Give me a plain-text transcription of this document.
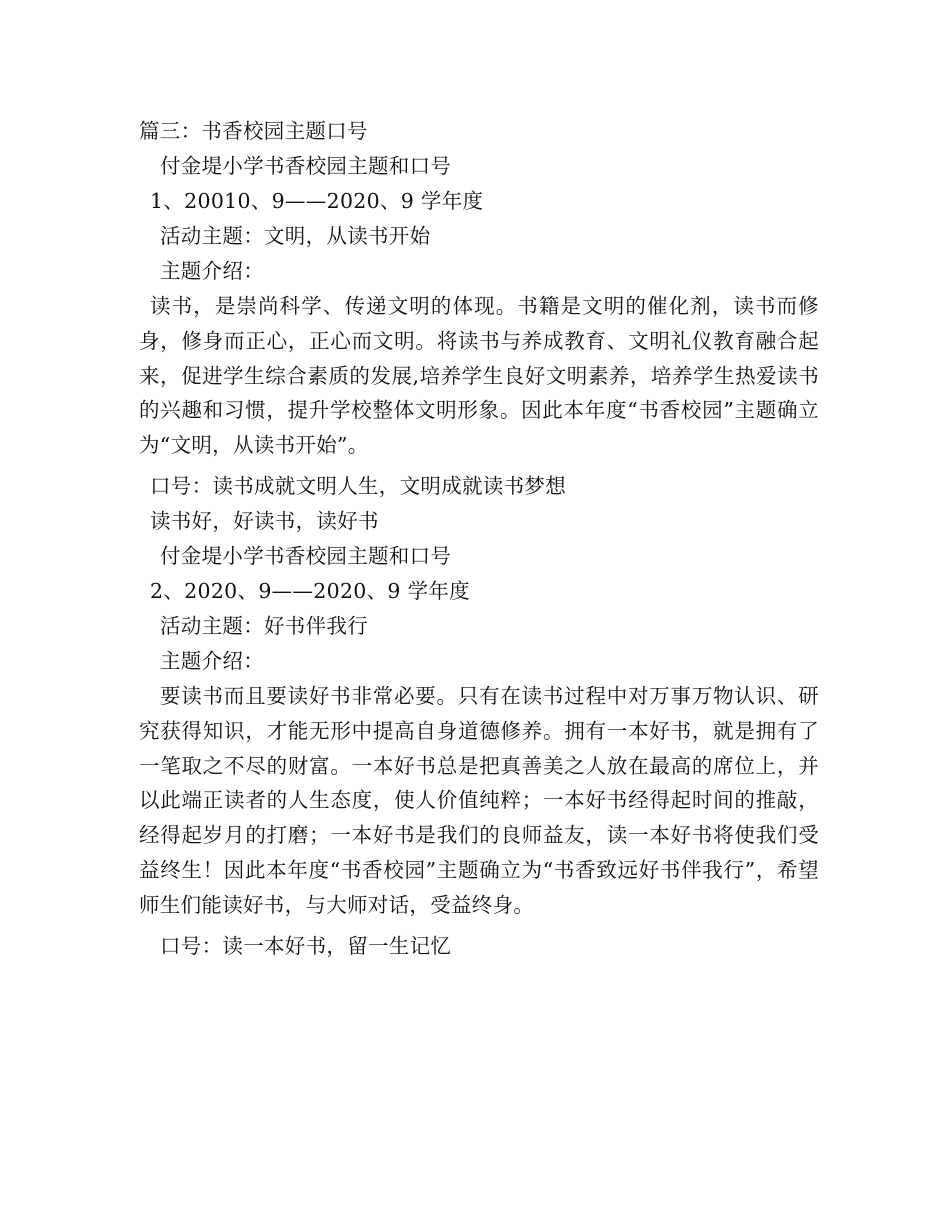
篇三：书香校园主题口号
付金堤小学书香校园主题和口号
1、20010、9——2020、9 学年度
活动主题：文明，从读书开始
主题介绍：
读书，是崇尚科学、传递文明的体现。书籍是文明的催化剂，读书而修身，修身而正心，正心而文明。将读书与养成教育、文明礼仪教育融合起来，促进学生综合素质的发展,培养学生良好文明素养，培养学生热爱读书的兴趣和习惯，提升学校整体文明形象。因此本年度“书香校园”主题确立为“文明，从读书开始”。
口号：读书成就文明人生，文明成就读书梦想
读书好，好读书，读好书
付金堤小学书香校园主题和口号
2、2020、9——2020、9 学年度
活动主题：好书伴我行
主题介绍：
要读书而且要读好书非常必要。只有在读书过程中对万事万物认识、研究获得知识，才能无形中提高自身道德修养。拥有一本好书，就是拥有了一笔取之不尽的财富。一本好书总是把真善美之人放在最高的席位上，并以此端正读者的人生态度，使人价值纯粹；一本好书经得起时间的推敲，经得起岁月的打磨；一本好书是我们的良师益友，读一本好书将使我们受益终生！因此本年度“书香校园”主题确立为“书香致远好书伴我行”，希望师生们能读好书，与大师对话，受益终身。
口号：读一本好书，留一生记忆
